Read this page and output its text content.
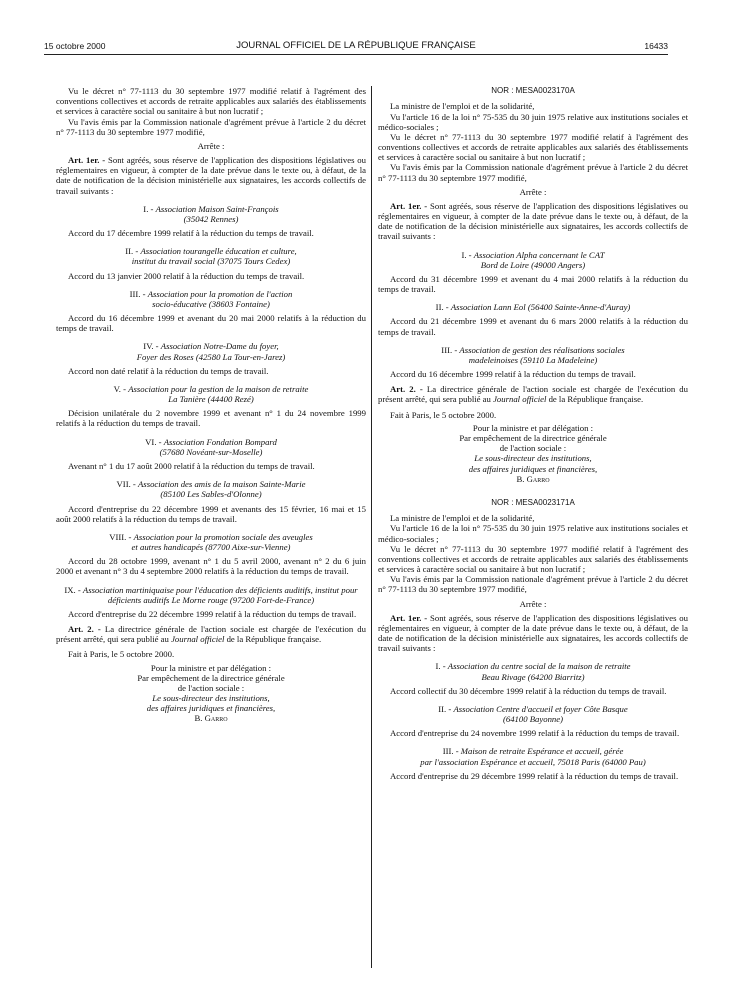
15 octobre 2000	JOURNAL OFFICIEL DE LA RÉPUBLIQUE FRANÇAISE	16433

Vu le décret n° 77-1113 du 30 septembre 1977 modifié relatif à l'agrément des conventions collectives et accords de retraite applicables aux salariés des établissements et services à caractère social ou sanitaire à but non lucratif ;

Vu l'avis émis par la Commission nationale d'agrément prévue à l'article 2 du décret n° 77-1113 du 30 septembre 1977 modifié,

Arrête :

Art. 1er. - Sont agréés, sous réserve de l'application des dispositions législatives ou réglementaires en vigueur, à compter de la date prévue dans le texte ou, à défaut, de la date de notification de la décision ministérielle aux signataires, les accords collectifs de travail suivants :

I. - Association Maison Saint-François
(35042 Rennes)

Accord du 17 décembre 1999 relatif à la réduction du temps de travail.

II. - Association tourangelle éducation et culture,
institut du travail social (37075 Tours Cedex)

Accord du 13 janvier 2000 relatif à la réduction du temps de travail.

III. - Association pour la promotion de l'action
socio-éducative (38603 Fontaine)

Accord du 16 décembre 1999 et avenant du 20 mai 2000 relatifs à la réduction du temps de travail.

IV. - Association Notre-Dame du foyer,
Foyer des Roses (42580 La Tour-en-Jarez)

Accord non daté relatif à la réduction du temps de travail.

V. - Association pour la gestion de la maison de retraite
La Tanière (44400 Rezé)

Décision unilatérale du 2 novembre 1999 et avenant n° 1 du 24 novembre 1999 relatifs à la réduction du temps de travail.

VI. - Association Fondation Bompard
(57680 Novéant-sur-Moselle)

Avenant n° 1 du 17 août 2000 relatif à la réduction du temps de travail.

VII. - Association des amis de la maison Sainte-Marie
(85100 Les Sables-d'Olonne)

Accord d'entreprise du 22 décembre 1999 et avenants des 15 février, 16 mai et 15 août 2000 relatifs à la réduction du temps de travail.

VIII. - Association pour la promotion sociale des aveugles
et autres handicapés (87700 Aixe-sur-Vienne)

Accord du 28 octobre 1999, avenant n° 1 du 5 avril 2000, avenant n° 2 du 6 juin 2000 et avenant n° 3 du 4 septembre 2000 relatifs à la réduction du temps de travail.

IX. - Association martiniquaise pour l'éducation des déficients auditifs, institut pour déficients auditifs Le Morne rouge (97200 Fort-de-France)

Accord d'entreprise du 22 décembre 1999 relatif à la réduction du temps de travail.

Art. 2. - La directrice générale de l'action sociale est chargée de l'exécution du présent arrêté, qui sera publié au Journal officiel de la République française.

Fait à Paris, le 5 octobre 2000.

Pour la ministre et par délégation :

Par empêchement de la directrice générale

de l'action sociale :

Le sous-directeur des institutions,

des affaires juridiques et financières,

B. Garro

NOR : MESA0023170A

La ministre de l'emploi et de la solidarité,

Vu l'article 16 de la loi n° 75-535 du 30 juin 1975 relative aux institutions sociales et médico-sociales ;

Vu le décret n° 77-1113 du 30 septembre 1977 modifié relatif à l'agrément des conventions collectives et accords de retraite applicables aux salariés des établissements et services à caractère social ou sanitaire à but non lucratif ;

Vu l'avis émis par la Commission nationale d'agrément prévue à l'article 2 du décret n° 77-1113 du 30 septembre 1977 modifié,

Arrête :

Art. 1er. - Sont agréés, sous réserve de l'application des dispositions législatives ou réglementaires en vigueur, à compter de la date prévue dans le texte ou, à défaut, de la date de notification de la décision ministérielle aux signataires, les accords collectifs de travail suivants :

I. - Association Alpha concernant le CAT
Bord de Loire (49000 Angers)

Accord du 31 décembre 1999 et avenant du 4 mai 2000 relatifs à la réduction du temps de travail.

II. - Association Lann Eol (56400 Sainte-Anne-d'Auray)

Accord du 21 décembre 1999 et avenant du 6 mars 2000 relatifs à la réduction du temps de travail.

III. - Association de gestion des réalisations sociales
madeleinoises (59110 La Madeleine)

Accord du 16 décembre 1999 relatif à la réduction du temps de travail.

Art. 2. - La directrice générale de l'action sociale est chargée de l'exécution du présent arrêté, qui sera publié au Journal officiel de la République française.

Fait à Paris, le 5 octobre 2000.

Pour la ministre et par délégation :

Par empêchement de la directrice générale

de l'action sociale :

Le sous-directeur des institutions,

des affaires juridiques et financières,

B. Garro

NOR : MESA0023171A

La ministre de l'emploi et de la solidarité,

Vu l'article 16 de la loi n° 75-535 du 30 juin 1975 relative aux institutions sociales et médico-sociales ;

Vu le décret n° 77-1113 du 30 septembre 1977 modifié relatif à l'agrément des conventions collectives et accords de retraite applicables aux salariés des établissements et services à caractère social ou sanitaire à but non lucratif ;

Vu l'avis émis par la Commission nationale d'agrément prévue à l'article 2 du décret n° 77-1113 du 30 septembre 1977 modifié,

Arrête :

Art. 1er. - Sont agréés, sous réserve de l'application des dispositions législatives ou réglementaires en vigueur, à compter de la date prévue dans le texte ou, à défaut, de la date de notification de la décision ministérielle aux signataires, les accords collectifs de travail suivants :

I. - Association du centre social de la maison de retraite
Beau Rivage (64200 Biarritz)

Accord collectif du 30 décembre 1999 relatif à la réduction du temps de travail.

II. - Association Centre d'accueil et foyer Côte Basque
(64100 Bayonne)

Accord d'entreprise du 24 novembre 1999 relatif à la réduction du temps de travail.

III. - Maison de retraite Espérance et accueil, gérée
par l'association Espérance et accueil, 75018 Paris (64000 Pau)

Accord d'entreprise du 29 décembre 1999 relatif à la réduction du temps de travail.
